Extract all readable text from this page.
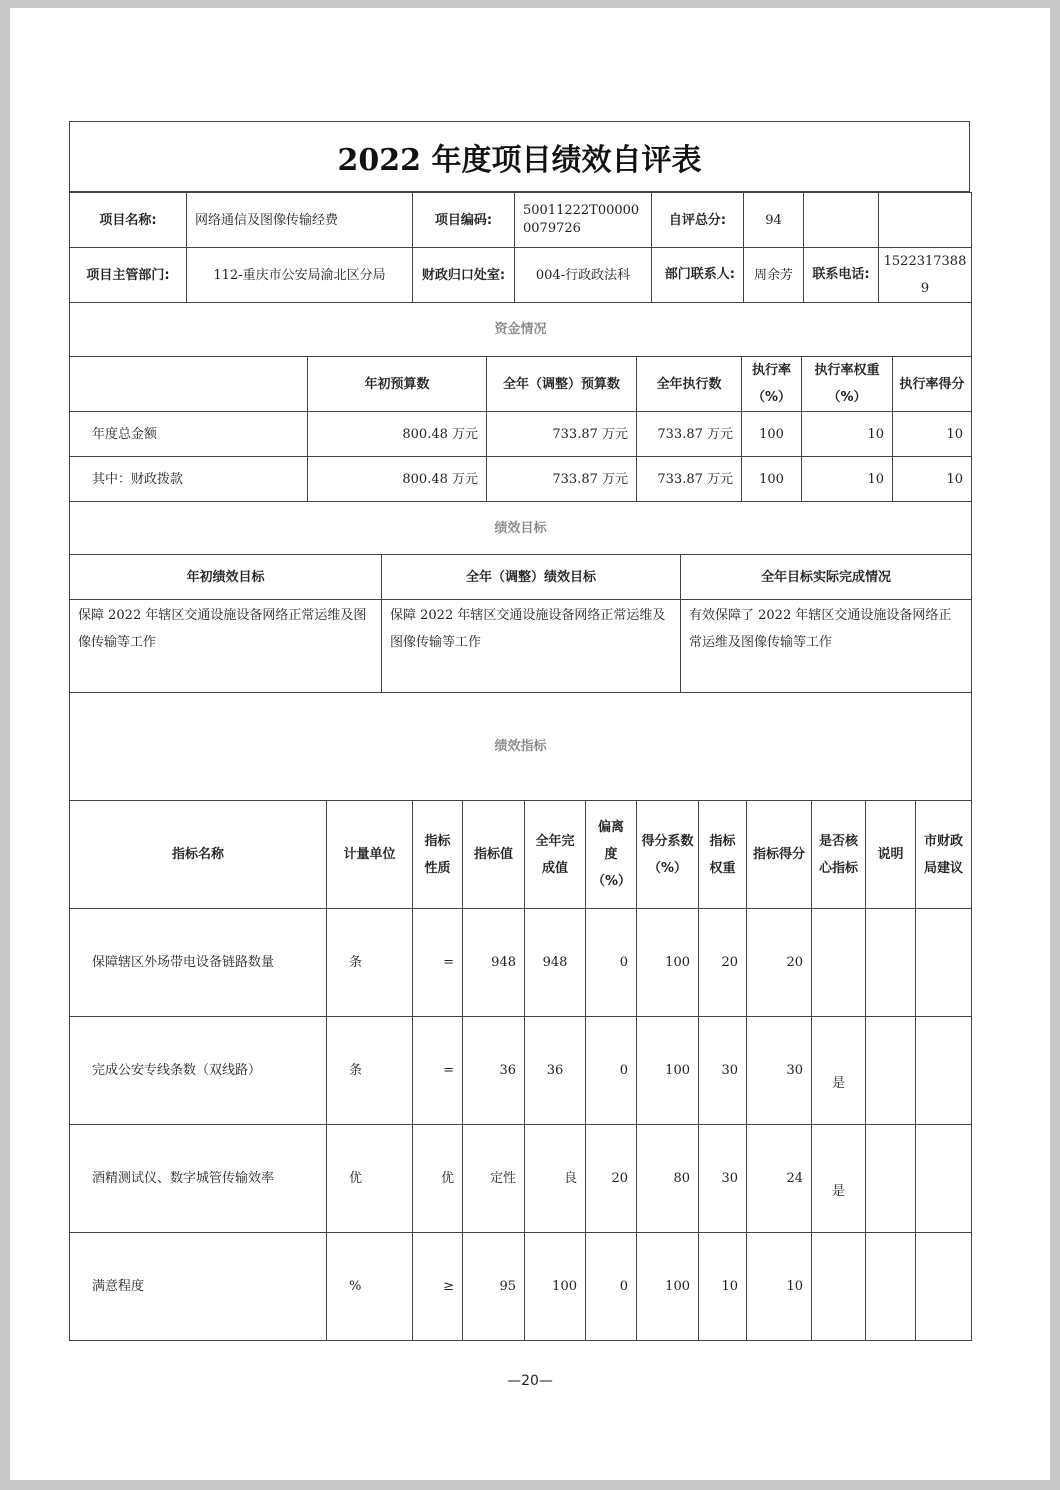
2022 年度项目绩效自评表
项目名称:	网络通信及图像传输经费	项目编码:	50011222T000000079726	自评总分:	94		
项目主管部门:	112-重庆市公安局渝北区分局	财政归口处室:	004-行政政法科	部门联系人:	周余芳	联系电话:	15223173889
资金情况						
	年初预算数	全年（调整）预算数	全年执行数	执行率（%）	执行率权重（%）	执行率得分
年度总金额	800.48 万元	733.87 万元	733.87 万元	100	10	10
其中：财政拨款	800.48 万元	733.87 万元	733.87 万元	100	10	10
绩效目标		
年初绩效目标	全年（调整）绩效目标	全年目标实际完成情况
保障 2022 年辖区交通设施设备网络正常运维及图像传输等工作	保障 2022 年辖区交通设施设备网络正常运维及图像传输等工作	有效保障了 2022 年辖区交通设施设备网络正常运维及图像传输等工作
绩效指标											
指标名称	计量单位	指标性质	指标值	全年完成值	偏离度（%）	得分系数（%）	指标权重	指标得分	是否核心指标	说明	市财政局建议
保障辖区外场带电设备链路数量	条	=	948	948	0	100	20	20			
完成公安专线条数（双线路）	条	=	36	36	0	100	30	30	是		
酒精测试仪、数字城管传输效率	优	优	定性	良	20	80	30	24	是		
满意程度	%	≥	95	100	0	100	10	10			
—20—
